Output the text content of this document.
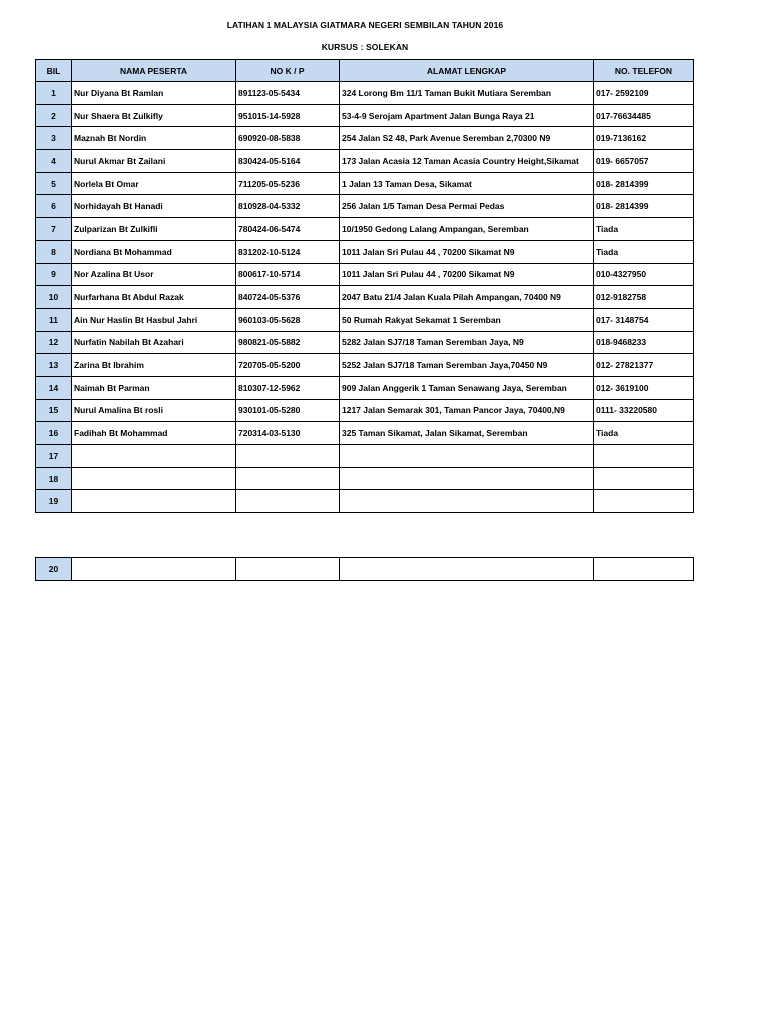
LATIHAN 1 MALAYSIA GIATMARA NEGERI SEMBILAN TAHUN 2016
KURSUS : SOLEKAN
BIL	NAMA PESERTA	NO K / P	ALAMAT LENGKAP	NO. TELEFON
1	Nur Diyana Bt Ramlan	891123-05-5434	324 Lorong Bm 11/1 Taman Bukit Mutiara Seremban	017- 2592109
2	Nur Shaera Bt Zulkifly	951015-14-5928	53-4-9 Serojam Apartment Jalan Bunga Raya 21	017-76634485
3	Maznah Bt Nordin	690920-08-5838	254 Jalan S2 48, Park Avenue Seremban 2,70300 N9	019-7136162
4	Nurul Akmar Bt Zailani	830424-05-5164	173 Jalan Acasia 12 Taman Acasia Country Height,Sikamat	019- 6657057
5	Norlela Bt Omar	711205-05-5236	1 Jalan 13 Taman Desa, Sikamat	018- 2814399
6	Norhidayah Bt Hanadi	810928-04-5332	256 Jalan 1/5 Taman Desa Permai Pedas	018- 2814399
7	Zulparizan Bt Zulkifli	780424-06-5474	10/1950 Gedong Lalang Ampangan, Seremban	Tiada
8	Nordiana Bt Mohammad	831202-10-5124	1011 Jalan Sri Pulau 44 , 70200 Sikamat N9	Tiada
9	Nor Azalina Bt Usor	800617-10-5714	1011 Jalan Sri Pulau 44 , 70200 Sikamat N9	010-4327950
10	Nurfarhana Bt Abdul Razak	840724-05-5376	2047 Batu 21/4 Jalan Kuala Pilah Ampangan, 70400 N9	012-9182758
11	Ain Nur Haslin Bt Hasbul Jahri	960103-05-5628	50 Rumah Rakyat Sekamat 1 Seremban	017- 3148754
12	Nurfatin Nabilah Bt Azahari	980821-05-5882	5282 Jalan SJ7/18 Taman Seremban Jaya, N9	018-9468233
13	Zarina Bt Ibrahim	720705-05-5200	5252 Jalan SJ7/18 Taman Seremban Jaya,70450 N9	012- 27821377
14	Naimah Bt Parman	810307-12-5962	909 Jalan Anggerik 1 Taman Senawang Jaya, Seremban	012- 3619100
15	Nurul Amalina Bt rosli	930101-05-5280	1217 Jalan Semarak 301, Taman Pancor Jaya, 70400,N9	0111- 33220580
16	Fadihah Bt Mohammad	720314-03-5130	325 Taman Sikamat, Jalan Sikamat, Seremban	Tiada
17				
18				
19				
20				
